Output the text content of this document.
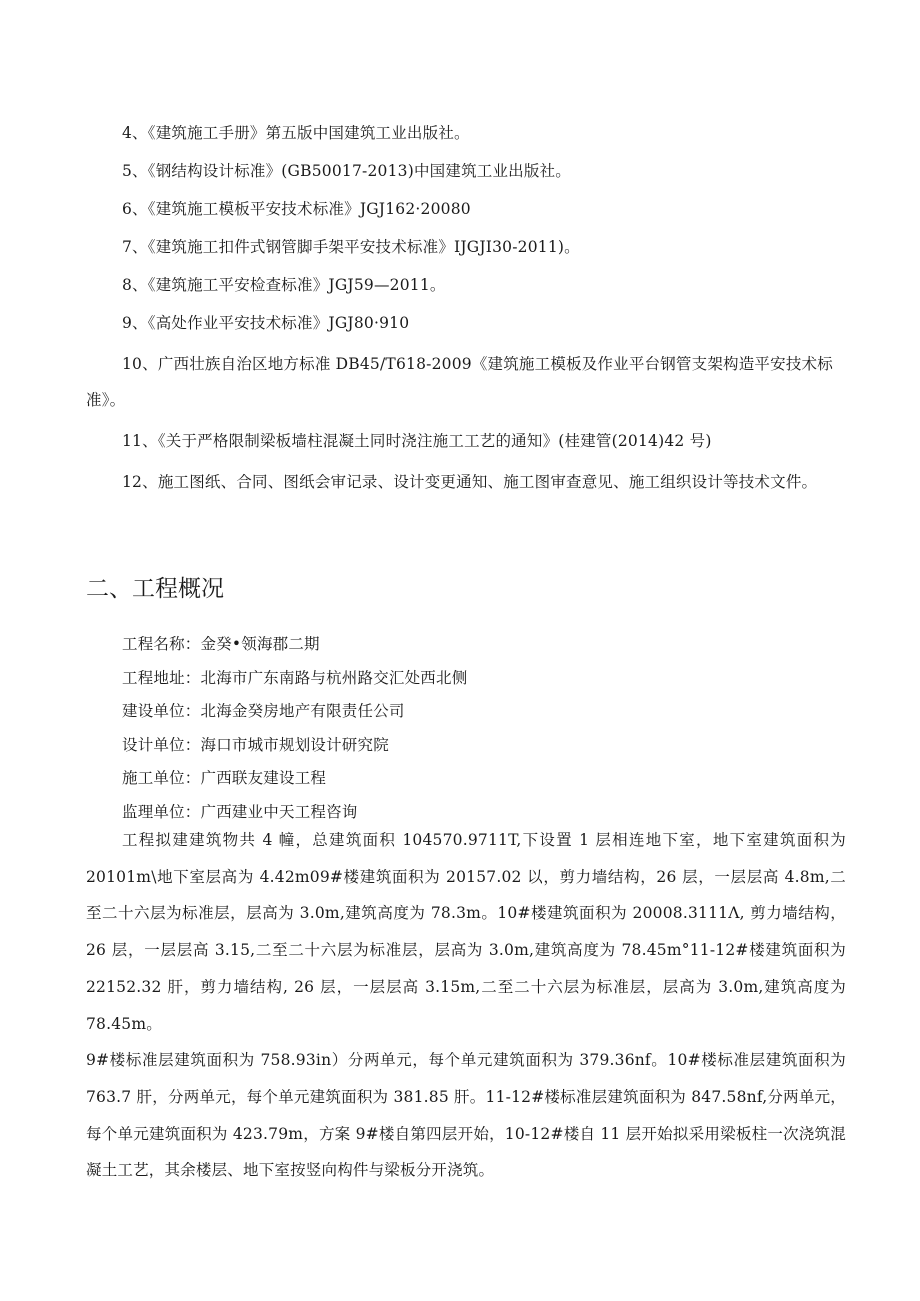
4、《建筑施工手册》第五版中国建筑工业出版社。

5、《钢结构设计标准》(GB50017-2013)中国建筑工业出版社。

6、《建筑施工模板平安技术标准》JGJ162·20080

7、《建筑施工扣件式钢管脚手架平安技术标准》IJGJI30-2011)。

8、《建筑施工平安检查标准》JGJ59—2011。

9、《高处作业平安技术标准》JGJ80·910

10、广西壮族自治区地方标准 DB45/T618-2009《建筑施工模板及作业平台钢管支架构造平安技术标准》。

11、《关于严格限制梁板墙柱混凝土同时浇注施工工艺的通知》(桂建管(2014)42 号)

12、施工图纸、合同、图纸会审记录、设计变更通知、施工图审查意见、施工组织设计等技术文件。

二、工程概况
工程名称：金癸•领海郡二期
工程地址：北海市广东南路与杭州路交汇处西北侧
建设单位：北海金癸房地产有限责任公司
设计单位：海口市城市规划设计研究院
施工单位：广西联友建设工程
监理单位：广西建业中天工程咨询

工程拟建建筑物共 4 幢，总建筑面积 104570.9711T,下设置 1 层相连地下室，地下室建筑面积为 20101m\地下室层高为 4.42m09#楼建筑面积为 20157.02 以，剪力墙结构，26 层，一层层高 4.8m,二至二十六层为标准层，层高为 3.0m,建筑高度为 78.3m。10#楼建筑面积为 20008.3111Λ, 剪力墙结构，26 层，一层层高 3.15,二至二十六层为标准层，层高为 3.0m,建筑高度为 78.45m°11-12#楼建筑面积为 22152.32 肝，剪力墙结构, 26 层，一层层高 3.15m,二至二十六层为标准层，层高为 3.0m,建筑高度为 78.45m。

9#楼标准层建筑面积为 758.93in）分两单元，每个单元建筑面积为 379.36nf。10#楼标准层建筑面积为 763.7 肝，分两单元，每个单元建筑面积为 381.85 肝。11-12#楼标准层建筑面积为 847.58nf,分两单元，每个单元建筑面积为 423.79m，方案 9#楼自第四层开始，10-12#楼自 11 层开始拟采用梁板柱一次浇筑混凝土工艺，其余楼层、地下室按竖向构件与梁板分开浇筑。
